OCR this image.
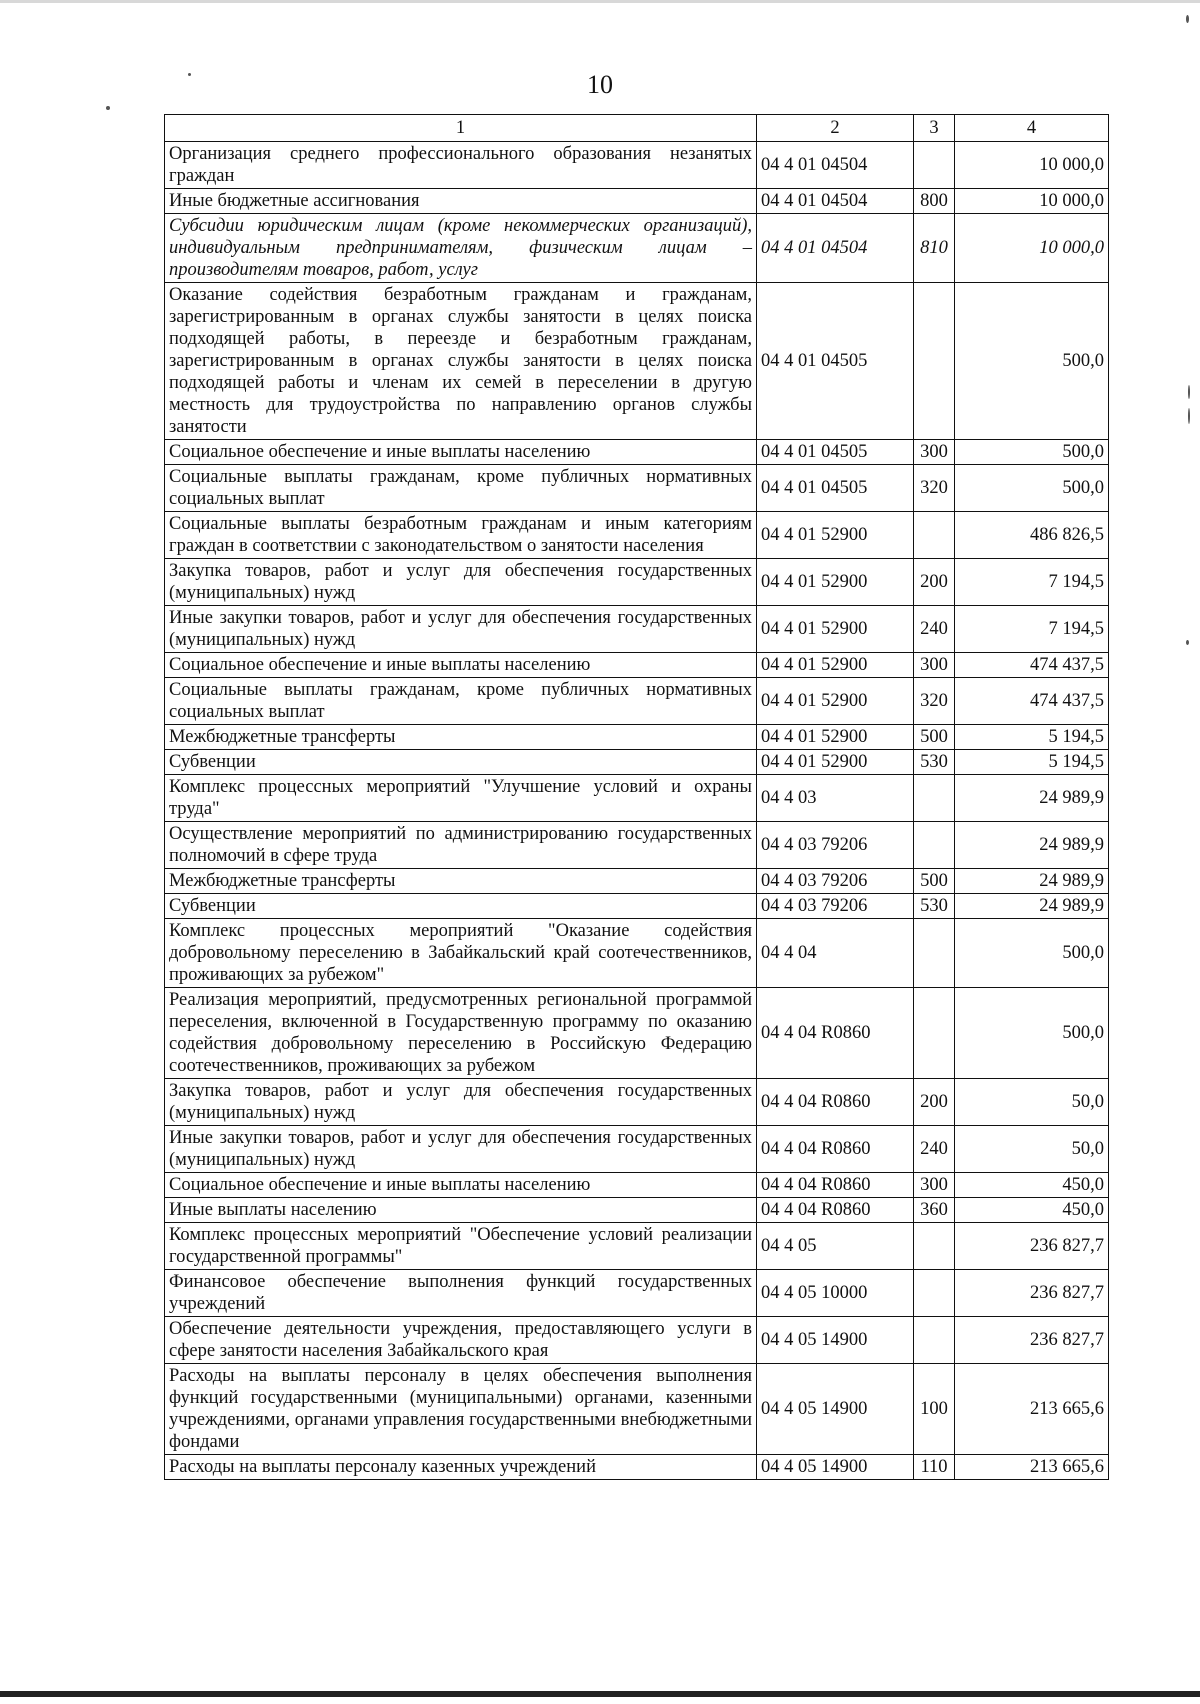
10
1	2	3	4
Организация среднего профессионального образования незанятых граждан	04 4 01 04504		10 000,0
Иные бюджетные ассигнования	04 4 01 04504	800	10 000,0
Субсидии юридическим лицам (кроме некоммерческих организаций), индивидуальным предпринимателям, физическим лицам – производителям товаров, работ, услуг	04 4 01 04504	810	10 000,0
Оказание содействия безработным гражданам и гражданам, зарегистрированным в органах службы занятости в целях поиска подходящей работы, в переезде и безработным гражданам, зарегистрированным в органах службы занятости в целях поиска подходящей работы и членам их семей в переселении в другую местность для трудоустройства по направлению органов службы занятости	04 4 01 04505		500,0
Социальное обеспечение и иные выплаты населению	04 4 01 04505	300	500,0
Социальные выплаты гражданам, кроме публичных нормативных социальных выплат	04 4 01 04505	320	500,0
Социальные выплаты безработным гражданам и иным категориям граждан в соответствии с законодательством о занятости населения	04 4 01 52900		486 826,5
Закупка товаров, работ и услуг для обеспечения государственных (муниципальных) нужд	04 4 01 52900	200	7 194,5
Иные закупки товаров, работ и услуг для обеспечения государственных (муниципальных) нужд	04 4 01 52900	240	7 194,5
Социальное обеспечение и иные выплаты населению	04 4 01 52900	300	474 437,5
Социальные выплаты гражданам, кроме публичных нормативных социальных выплат	04 4 01 52900	320	474 437,5
Межбюджетные трансферты	04 4 01 52900	500	5 194,5
Субвенции	04 4 01 52900	530	5 194,5
Комплекс процессных мероприятий "Улучшение условий и охраны труда"	04 4 03		24 989,9
Осуществление мероприятий по администрированию государственных полномочий в сфере труда	04 4 03 79206		24 989,9
Межбюджетные трансферты	04 4 03 79206	500	24 989,9
Субвенции	04 4 03 79206	530	24 989,9
Комплекс процессных мероприятий "Оказание содействия добровольному переселению в Забайкальский край соотечественников, проживающих за рубежом"	04 4 04		500,0
Реализация мероприятий, предусмотренных региональной программой переселения, включенной в Государственную программу по оказанию содействия добровольному переселению в Российскую Федерацию соотечественников, проживающих за рубежом	04 4 04 R0860		500,0
Закупка товаров, работ и услуг для обеспечения государственных (муниципальных) нужд	04 4 04 R0860	200	50,0
Иные закупки товаров, работ и услуг для обеспечения государственных (муниципальных) нужд	04 4 04 R0860	240	50,0
Социальное обеспечение и иные выплаты населению	04 4 04 R0860	300	450,0
Иные выплаты населению	04 4 04 R0860	360	450,0
Комплекс процессных мероприятий "Обеспечение условий реализации государственной программы"	04 4 05		236 827,7
Финансовое обеспечение выполнения функций государственных учреждений	04 4 05 10000		236 827,7
Обеспечение деятельности учреждения, предоставляющего услуги в сфере занятости населения Забайкальского края	04 4 05 14900		236 827,7
Расходы на выплаты персоналу в целях обеспечения выполнения функций государственными (муниципальными) органами, казенными учреждениями, органами управления государственными внебюджетными фондами	04 4 05 14900	100	213 665,6
Расходы на выплаты персоналу казенных учреждений	04 4 05 14900	110	213 665,6
